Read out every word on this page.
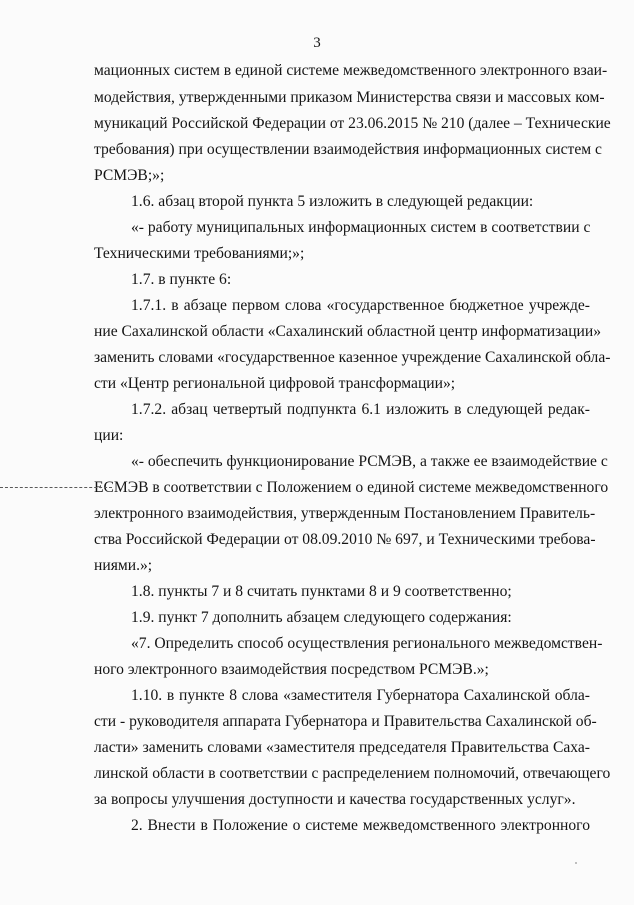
3
мационных систем в единой системе межведомственного электронного взаи-
модействия, утвержденными приказом Министерства связи и массовых ком-
муникаций Российской Федерации от 23.06.2015 № 210 (далее – Технические
требования) при осуществлении взаимодействия информационных систем с
РСМЭВ;»;
1.6. абзац второй пункта 5 изложить в следующей редакции:
«- работу муниципальных информационных систем в соответствии с
Техническими требованиями;»;
1.7. в пункте 6:
1.7.1. в абзаце первом слова «государственное бюджетное учрежде-
ние Сахалинской области «Сахалинский областной центр информатизации»
заменить словами «государственное казенное учреждение Сахалинской обла-
сти «Центр региональной цифровой трансформации»;
1.7.2. абзац четвертый подпункта 6.1 изложить в следующей редак-
ции:
«- обеспечить функционирование РСМЭВ, а также ее взаимодействие с
ЕСМЭВ в соответствии с Положением о единой системе межведомственного
электронного взаимодействия, утвержденным Постановлением Правитель-
ства Российской Федерации от 08.09.2010 № 697, и Техническими требова-
ниями.»;
1.8. пункты 7 и 8 считать пунктами 8 и 9 соответственно;
1.9. пункт 7 дополнить абзацем следующего содержания:
«7. Определить способ осуществления регионального межведомствен-
ного электронного взаимодействия посредством РСМЭВ.»;
1.10. в пункте 8 слова «заместителя Губернатора Сахалинской обла-
сти - руководителя аппарата Губернатора и Правительства Сахалинской об-
ласти» заменить словами «заместителя председателя Правительства Саха-
линской области в соответствии с распределением полномочий, отвечающего
за вопросы улучшения доступности и качества государственных услуг».
2. Внести в Положение о системе межведомственного электронного
